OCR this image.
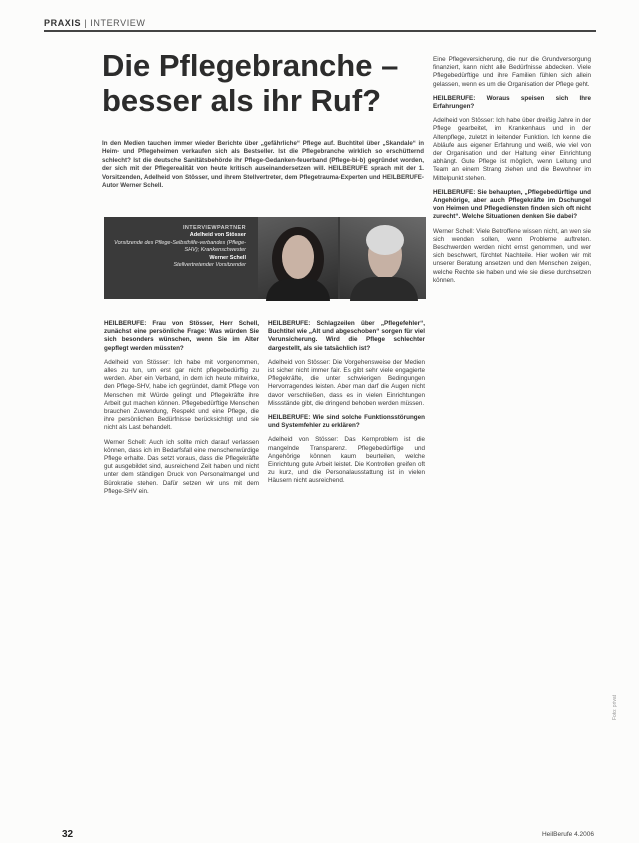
PRAXIS | INTERVIEW
Die Pflegebranche – besser als ihr Ruf?

In den Medien tauchen immer wieder Berichte über „gefährliche“ Pflege auf. Buchtitel über „Skandale“ in Heim- und Pflegeheimen verkaufen sich als Bestseller. Ist die Pflegebranche wirklich so erschütternd schlecht? Ist die deutsche Sanitätsbehörde ihr Pflege-Gedanken-feuerband (Pflege-bi-b) gegründet worden, der sich mit der Pflegerealität von heute kritisch auseinandersetzen will. HEILBERUFE sprach mit der 1. Vorsitzenden, Adelheid von Stösser, und ihrem Stellvertreter, dem Pflegetrauma-Experten und HEILBERUFE-Autor Werner Schell.

INTERVIEWPARTNER
Adelheid von Stösser
Vorsitzende des Pflege-Selbsthilfe-verbandes (Pflege-SHV); Krankenschwester
Werner Schell
Stellvertretender Vorsitzender

HEILBERUFE: Frau von Stösser, Herr Schell, zunächst eine persönliche Frage: Was würden Sie sich besonders wünschen, wenn Sie im Alter gepflegt werden müssten?

Adelheid von Stösser: Ich habe mit vorgenommen, alles zu tun, um erst gar nicht pflegebedürftig zu werden. Aber ein Verband, in dem ich heute mitwirke, den Pflege-SHV, habe ich gegründet, damit Pflege von Menschen mit Würde gelingt und Pflegekräfte ihre Arbeit gut machen können. Pflegebedürftige Menschen brauchen Zuwendung, Respekt und eine Pflege, die ihre persönlichen Bedürfnisse berücksichtigt und sie nicht als Last behandelt.

Werner Schell: Auch ich sollte mich darauf verlassen können, dass ich im Bedarfsfall eine menschenwürdige Pflege erhalte. Das setzt voraus, dass die Pflegekräfte gut ausgebildet sind, ausreichend Zeit haben und nicht unter dem ständigen Druck von Personalmangel und Bürokratie stehen. Dafür setzen wir uns mit dem Pflege-SHV ein.

HEILBERUFE: Schlagzeilen über „Pflegefehler“, Buchtitel wie „Alt und abgeschoben“ sorgen für viel Verunsicherung. Wird die Pflege schlechter dargestellt, als sie tatsächlich ist?

Adelheid von Stösser: Die Vorgehensweise der Medien ist sicher nicht immer fair. Es gibt sehr viele engagierte Pflegekräfte, die unter schwierigen Bedingungen Hervorragendes leisten. Aber man darf die Augen nicht davor verschließen, dass es in vielen Einrichtungen Missstände gibt, die dringend behoben werden müssen.

HEILBERUFE: Wie sind solche Funktionsstörungen und Systemfehler zu erklären?

Adelheid von Stösser: Das Kernproblem ist die mangelnde Transparenz. Pflegebedürftige und Angehörige können kaum beurteilen, welche Einrichtung gute Arbeit leistet. Die Kontrollen greifen oft zu kurz, und die Personalausstattung ist in vielen Häusern nicht ausreichend.

Eine Pflegeversicherung, die nur die Grundversorgung finanziert, kann nicht alle Bedürfnisse abdecken. Viele Pflegebedürftige und ihre Familien fühlen sich allein gelassen, wenn es um die Organisation der Pflege geht.

HEILBERUFE: Woraus speisen sich Ihre Erfahrungen?

Adelheid von Stösser: Ich habe über dreißig Jahre in der Pflege gearbeitet, im Krankenhaus und in der Altenpflege, zuletzt in leitender Funktion. Ich kenne die Abläufe aus eigener Erfahrung und weiß, wie viel von der Organisation und der Haltung einer Einrichtung abhängt. Gute Pflege ist möglich, wenn Leitung und Team an einem Strang ziehen und die Bewohner im Mittelpunkt stehen.

HEILBERUFE: Sie behaupten, „Pflegebedürftige und Angehörige, aber auch Pflegekräfte im Dschungel von Heimen und Pflegediensten finden sich oft nicht zurecht“. Welche Situationen denken Sie dabei?

Werner Schell: Viele Betroffene wissen nicht, an wen sie sich wenden sollen, wenn Probleme auftreten. Beschwerden werden nicht ernst genommen, und wer sich beschwert, fürchtet Nachteile. Hier wollen wir mit unserer Beratung ansetzen und den Menschen zeigen, welche Rechte sie haben und wie sie diese durchsetzen können.

Foto: privat
32	HeilBerufe 4.2006
